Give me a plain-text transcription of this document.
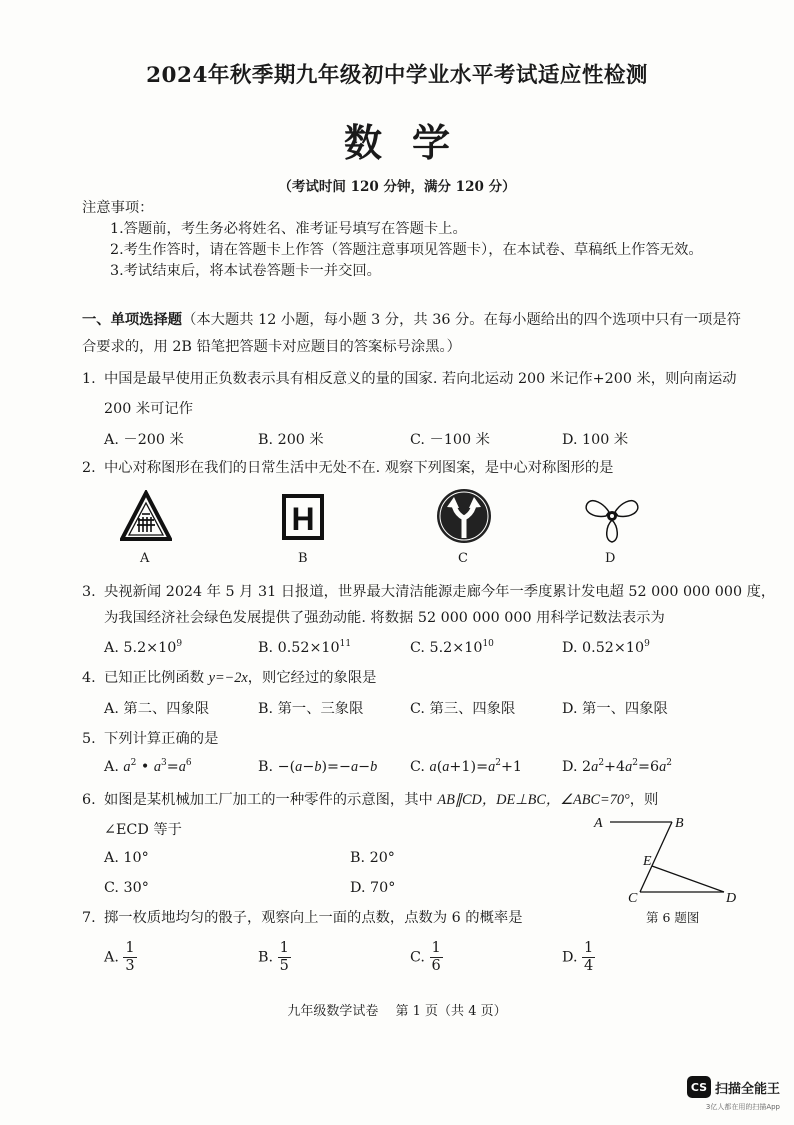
2024年秋季期九年级初中学业水平考试适应性检测
数学
（考试时间 120 分钟，满分 120 分）
注意事项：
1.答题前，考生务必将姓名、准考证号填写在答题卡上。
2.考生作答时，请在答题卡上作答（答题注意事项见答题卡），在本试卷、草稿纸上作答无效。
3.考试结束后，将本试卷答题卡一并交回。
一、单项选择题（本大题共 12 小题，每小题 3 分，共 36 分。在每小题给出的四个选项中只有一项是符
合要求的，用 2B 铅笔把答题卡对应题目的答案标号涂黑。）
1. 中国是最早使用正负数表示具有相反意义的量的国家. 若向北运动 200 米记作+200 米，则向南运动
200 米可记作
A. －200 米	B. 200 米	C. －100 米	D. 100 米
2. 中心对称图形在我们的日常生活中无处不在. 观察下列图案，是中心对称图形的是
A
H
B	C	D
3. 央视新闻 2024 年 5 月 31 日报道，世界最大清洁能源走廊今年一季度累计发电超 52 000 000 000 度，
为我国经济社会绿色发展提供了强劲动能. 将数据 52 000 000 000 用科学记数法表示为
A. $5.2\times 10^9$	B. $0.52\times 10^{11}$	C. $5.2\times 10^{10}$	D. $0.52\times 10^9$
4. 已知正比例函数 y=−2x，则它经过的象限是
A. 第二、四象限	B. 第一、三象限	C. 第三、四象限	D. 第一、四象限
5. 下列计算正确的是
A. $a^2$ • $a^3=a^6$	B. −(a−b)=−a−b C. $a(a+1)=a^2+1$	D. $2a^2+4a^2=6a^2$
6. 如图是某机械加工厂加工的一种零件的示意图，其中 AB∥CD，DE⊥BC，∠ABC=70°，则
∠ECD 等于
A. 10°	B. 20°
C. 30°	D. 70°
A	B
E
C	D
第 6 题图
7. 掷一枚质地均匀的骰子，观察向上一面的点数，点数为 6 的概率是
A. $\frac{1}{3}$	B. $\frac{1}{5}$	C. $\frac{1}{6}$	D. $\frac{1}{4}$
九年级数学试卷　 第 1 页（共 4 页）
CS 扫描全能王
3亿人都在用的扫描App
